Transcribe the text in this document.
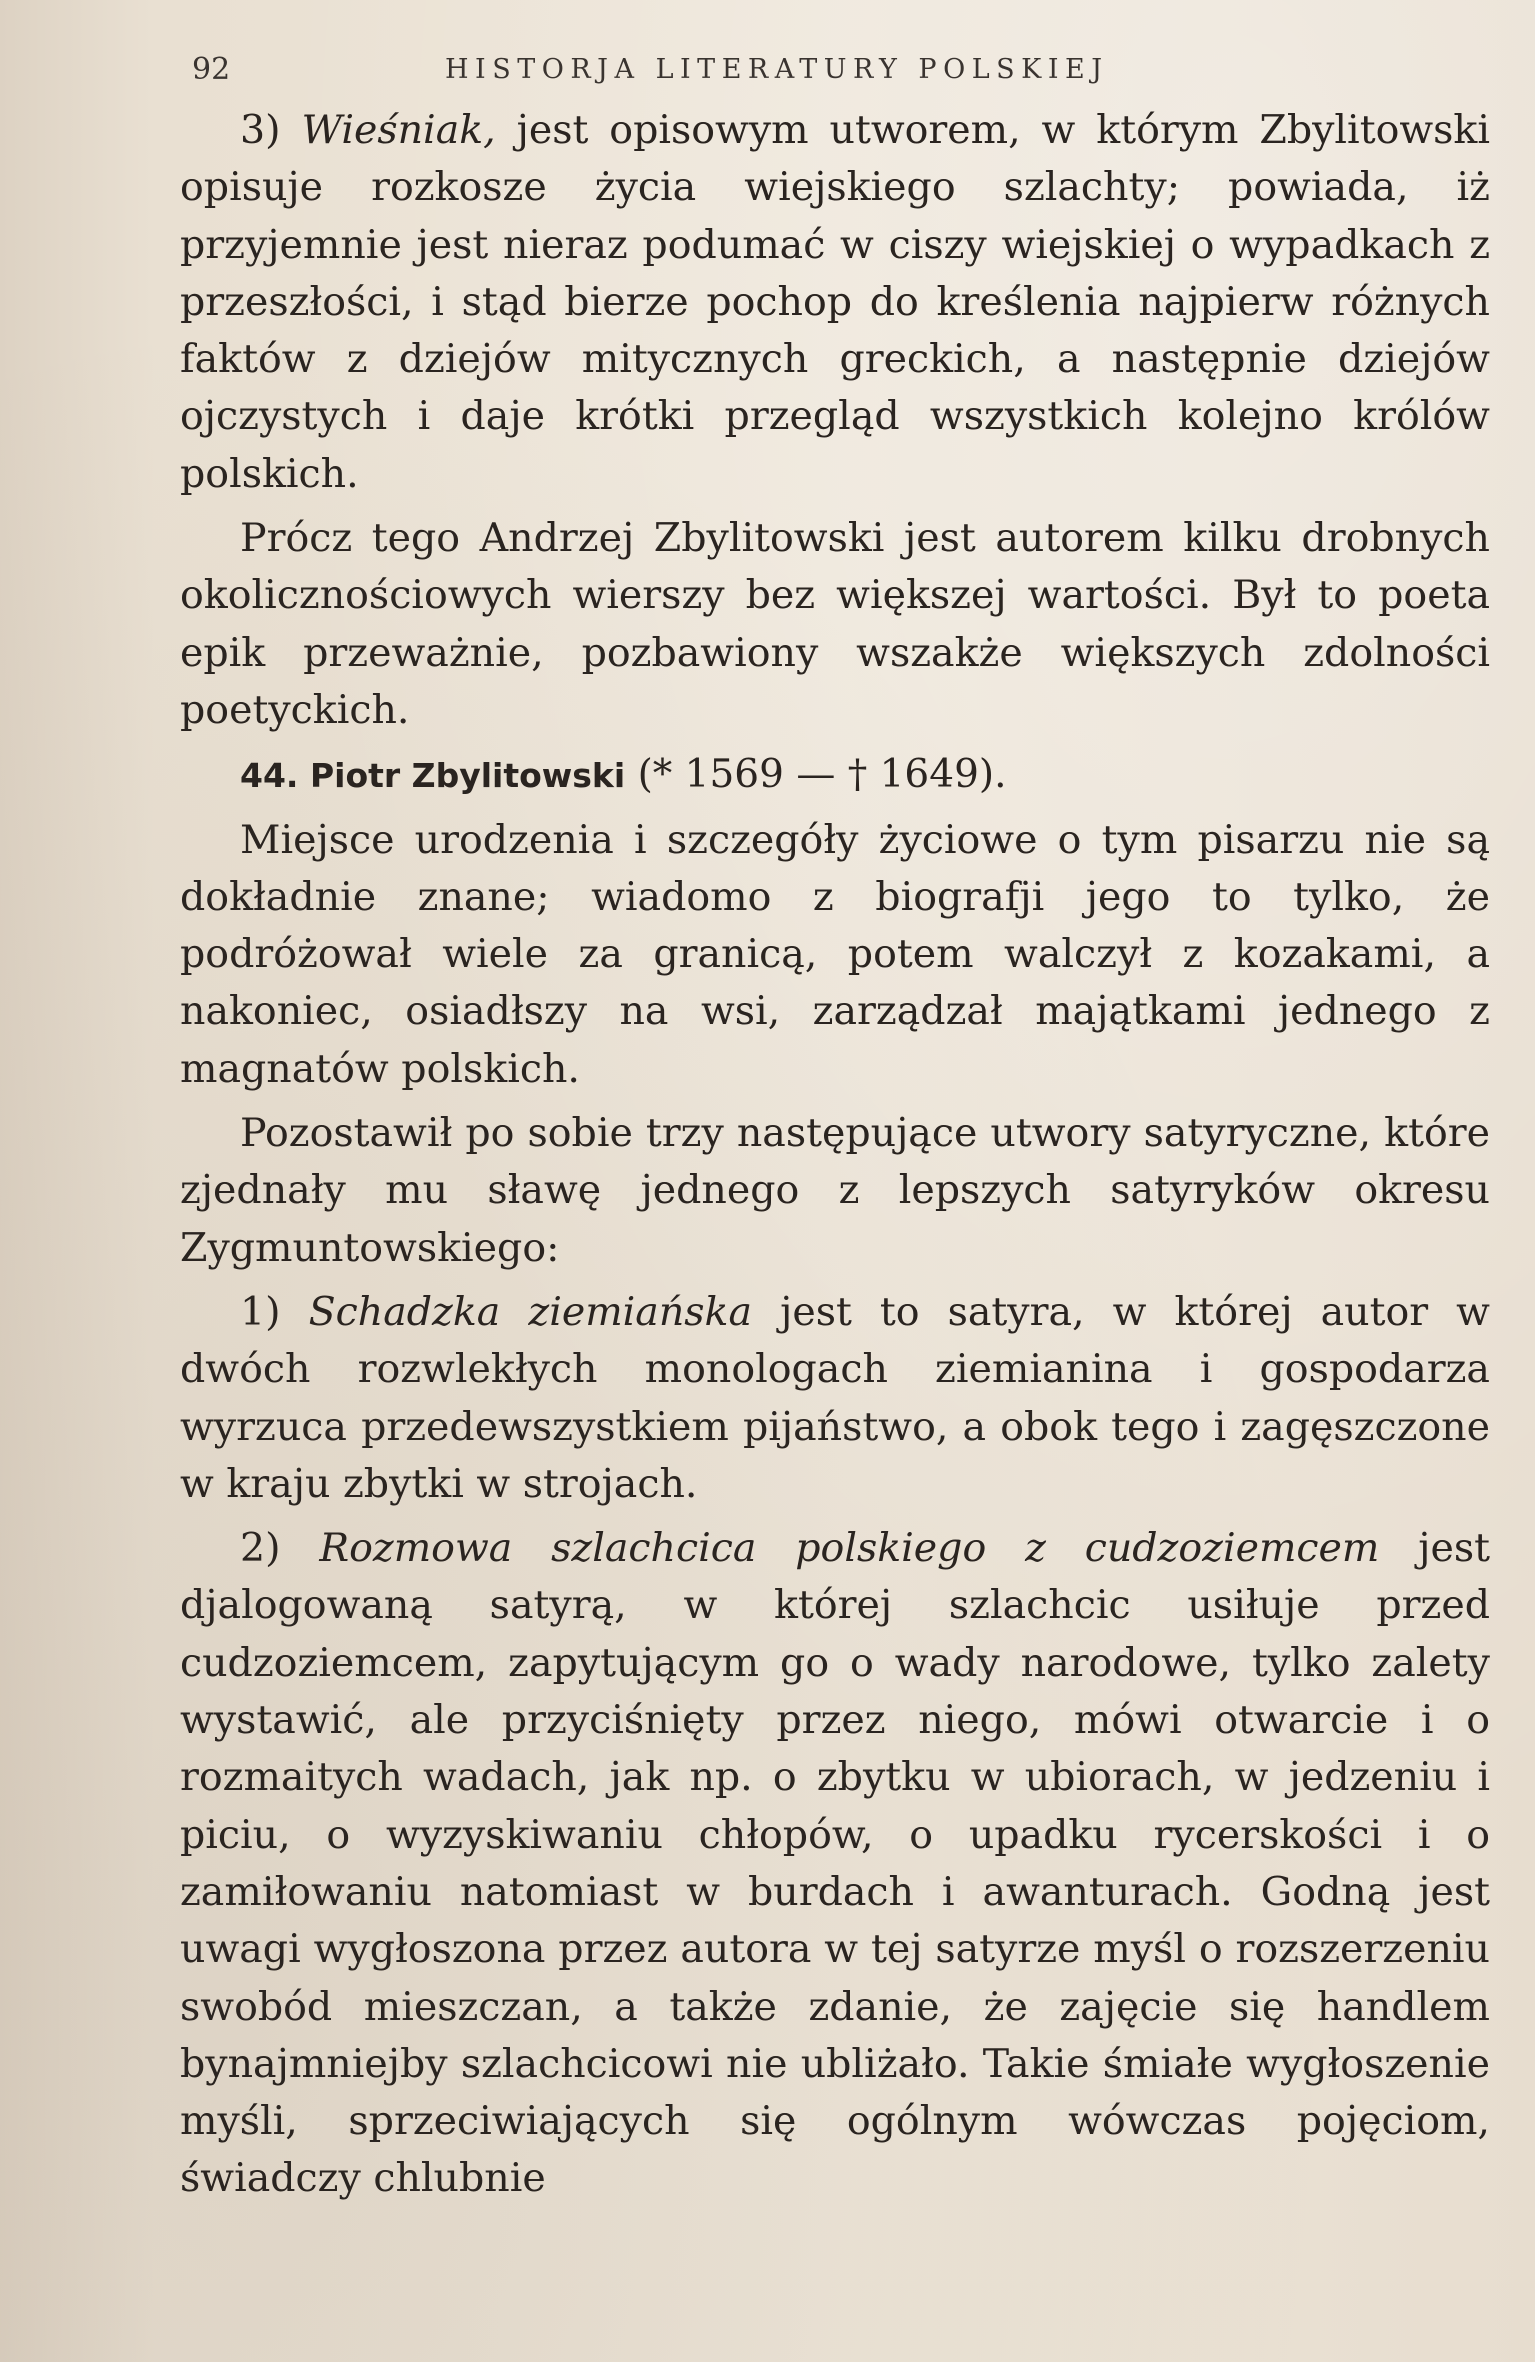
92	HISTORJA LITERATURY POLSKIEJ

3) Wieśniak, jest opisowym utworem, w którym Zbylitowski opisuje rozkosze życia wiejskiego szlachty; powiada, iż przyjemnie jest nieraz podumać w ciszy wiejskiej o wypadkach z przeszłości, i stąd bierze pochop do kreślenia najpierw różnych faktów z dziejów mitycznych greckich, a następnie dziejów ojczystych i daje krótki przegląd wszystkich kolejno królów polskich.

Prócz tego Andrzej Zbylitowski jest autorem kilku drobnych okolicznościowych wierszy bez większej wartości. Był to poeta epik przeważnie, pozbawiony wszakże większych zdolności poetyckich.

44. Piotr Zbylitowski (* 1569 — † 1649).

Miejsce urodzenia i szczegóły życiowe o tym pisarzu nie są dokładnie znane; wiadomo z biografji jego to tylko, że podróżował wiele za granicą, potem walczył z kozakami, a nakoniec, osiadłszy na wsi, zarządzał majątkami jednego z magnatów polskich.

Pozostawił po sobie trzy następujące utwory satyryczne, które zjednały mu sławę jednego z lepszych satyryków okresu Zygmuntowskiego:

1) Schadzka ziemiańska jest to satyra, w której autor w dwóch rozwlekłych monologach ziemianina i gospodarza wyrzuca przedewszystkiem pijaństwo, a obok tego i zagęszczone w kraju zbytki w strojach.

2) Rozmowa szlachcica polskiego z cudzoziemcem jest djalogowaną satyrą, w której szlachcic usiłuje przed cudzoziemcem, zapytującym go o wady narodowe, tylko zalety wystawić, ale przyciśnięty przez niego, mówi otwarcie i o rozmaitych wadach, jak np. o zbytku w ubiorach, w jedzeniu i piciu, o wyzyskiwaniu chłopów, o upadku rycerskości i o zamiłowaniu natomiast w burdach i awanturach. Godną jest uwagi wygłoszona przez autora w tej satyrze myśl o rozszerzeniu swobód mieszczan, a także zdanie, że zajęcie się handlem bynajmniejby szlachcicowi nie ubliżało. Takie śmiałe wygłoszenie myśli, sprzeciwiających się ogólnym wówczas pojęciom, świadczy chlubnie
